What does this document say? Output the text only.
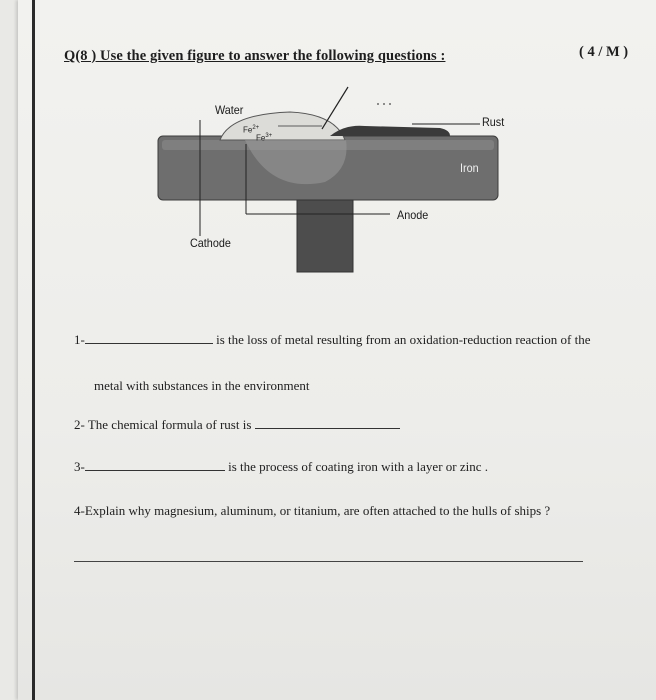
Q(8 ) Use the given figure to answer the following questions :	( 4 / M )
Water
Rust
Iron
Anode
Cathode
$Fe^{2+}$
$Fe^{3+}$
1-	is the loss of metal resulting from an oxidation-reduction reaction of the
metal with substances in the environment
2- The chemical formula of rust is
3-	is the process of coating iron with a layer or zinc .
4-Explain why magnesium, aluminum, or titanium, are often attached to the hulls of ships ?
